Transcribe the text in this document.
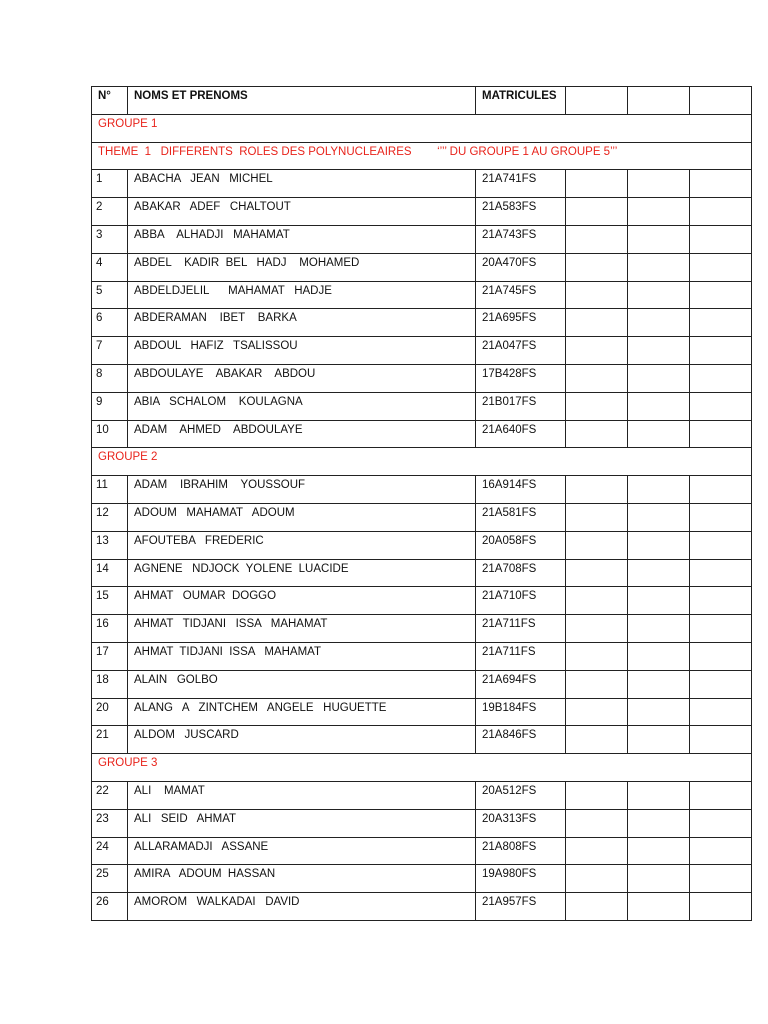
N°	NOMS ET PRENOMS	MATRICULES			
GROUPE 1					
THEME  1   DIFFERENTS  ROLES DES POLYNUCLEAIRES        ‘’’’ DU GROUPE 1 AU GROUPE 5’’’					
1	ABACHA   JEAN   MICHEL	21A741FS			
2	ABAKAR   ADEF   CHALTOUT	21A583FS			
3	ABBA    ALHADJI   MAHAMAT	21A743FS			
4	ABDEL    KADIR  BEL   HADJ    MOHAMED	20A470FS			
5	ABDELDJELIL      MAHAMAT   HADJE	21A745FS			
6	ABDERAMAN    IBET    BARKA	21A695FS			
7	ABDOUL   HAFIZ   TSALISSOU	21A047FS			
8	ABDOULAYE    ABAKAR    ABDOU	17B428FS			
9	ABIA   SCHALOM    KOULAGNA	21B017FS			
10	ADAM    AHMED    ABDOULAYE	21A640FS			
GROUPE 2					
11	ADAM    IBRAHIM    YOUSSOUF	16A914FS			
12	ADOUM   MAHAMAT   ADOUM	21A581FS			
13	AFOUTEBA   FREDERIC	20A058FS			
14	AGNENE   NDJOCK  YOLENE  LUACIDE	21A708FS			
15	AHMAT   OUMAR  DOGGO	21A710FS			
16	AHMAT   TIDJANI   ISSA   MAHAMAT	21A711FS			
17	AHMAT  TIDJANI  ISSA   MAHAMAT	21A711FS			
18	ALAIN   GOLBO	21A694FS			
20	ALANG   A   ZINTCHEM   ANGELE   HUGUETTE	19B184FS			
21	ALDOM   JUSCARD	21A846FS			
GROUPE 3					
22	ALI    MAMAT	20A512FS			
23	ALI   SEID   AHMAT	20A313FS			
24	ALLARAMADJI   ASSANE	21A808FS			
25	AMIRA   ADOUM  HASSAN	19A980FS			
26	AMOROM   WALKADAI   DAVID	21A957FS			
